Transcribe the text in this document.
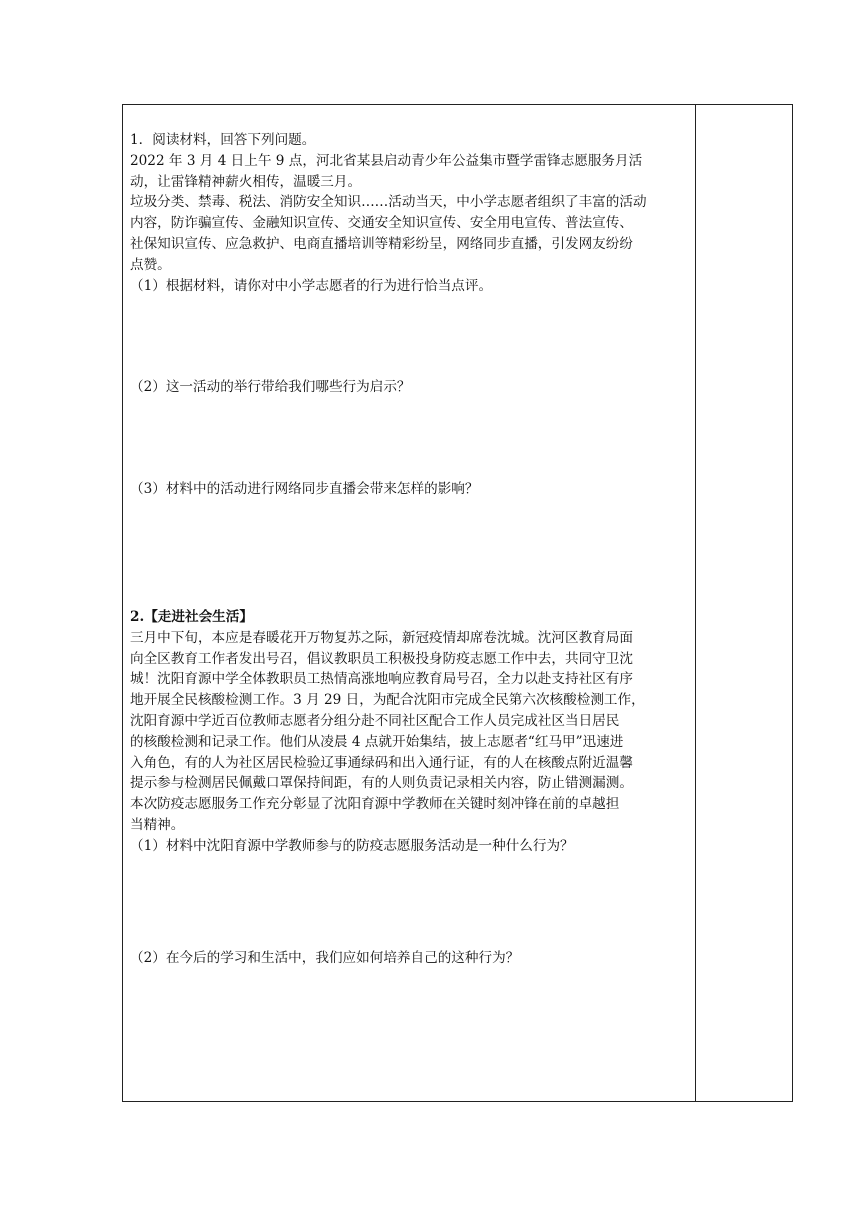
1．阅读材料，回答下列问题。
2022 年 3 月 4 日上午 9 点，河北省某县启动青少年公益集市暨学雷锋志愿服务月活
动，让雷锋精神薪火相传，温暖三月。
垃圾分类、禁毒、税法、消防安全知识……活动当天，中小学志愿者组织了丰富的活动
内容，防诈骗宣传、金融知识宣传、交通安全知识宣传、安全用电宣传、普法宣传、
社保知识宣传、应急救护、电商直播培训等精彩纷呈，网络同步直播，引发网友纷纷
点赞。
（1）根据材料，请你对中小学志愿者的行为进行恰当点评。
（2）这一活动的举行带给我们哪些行为启示？
（3）材料中的活动进行网络同步直播会带来怎样的影响？
2.【走进社会生活】
三月中下旬，本应是春暖花开万物复苏之际，新冠疫情却席卷沈城。沈河区教育局面
向全区教育工作者发出号召，倡议教职员工积极投身防疫志愿工作中去，共同守卫沈
城！沈阳育源中学全体教职员工热情高涨地响应教育局号召，全力以赴支持社区有序
地开展全民核酸检测工作。3 月 29 日，为配合沈阳市完成全民第六次核酸检测工作，
沈阳育源中学近百位教师志愿者分组分赴不同社区配合工作人员完成社区当日居民
的核酸检测和记录工作。他们从凌晨 4 点就开始集结，披上志愿者“红马甲”迅速进
入角色，有的人为社区居民检验辽事通绿码和出入通行证，有的人在核酸点附近温馨
提示参与检测居民佩戴口罩保持间距，有的人则负责记录相关内容，防止错测漏测。
本次防疫志愿服务工作充分彰显了沈阳育源中学教师在关键时刻冲锋在前的卓越担
当精神。
（1）材料中沈阳育源中学教师参与的防疫志愿服务活动是一种什么行为？
（2）在今后的学习和生活中，我们应如何培养自己的这种行为？
